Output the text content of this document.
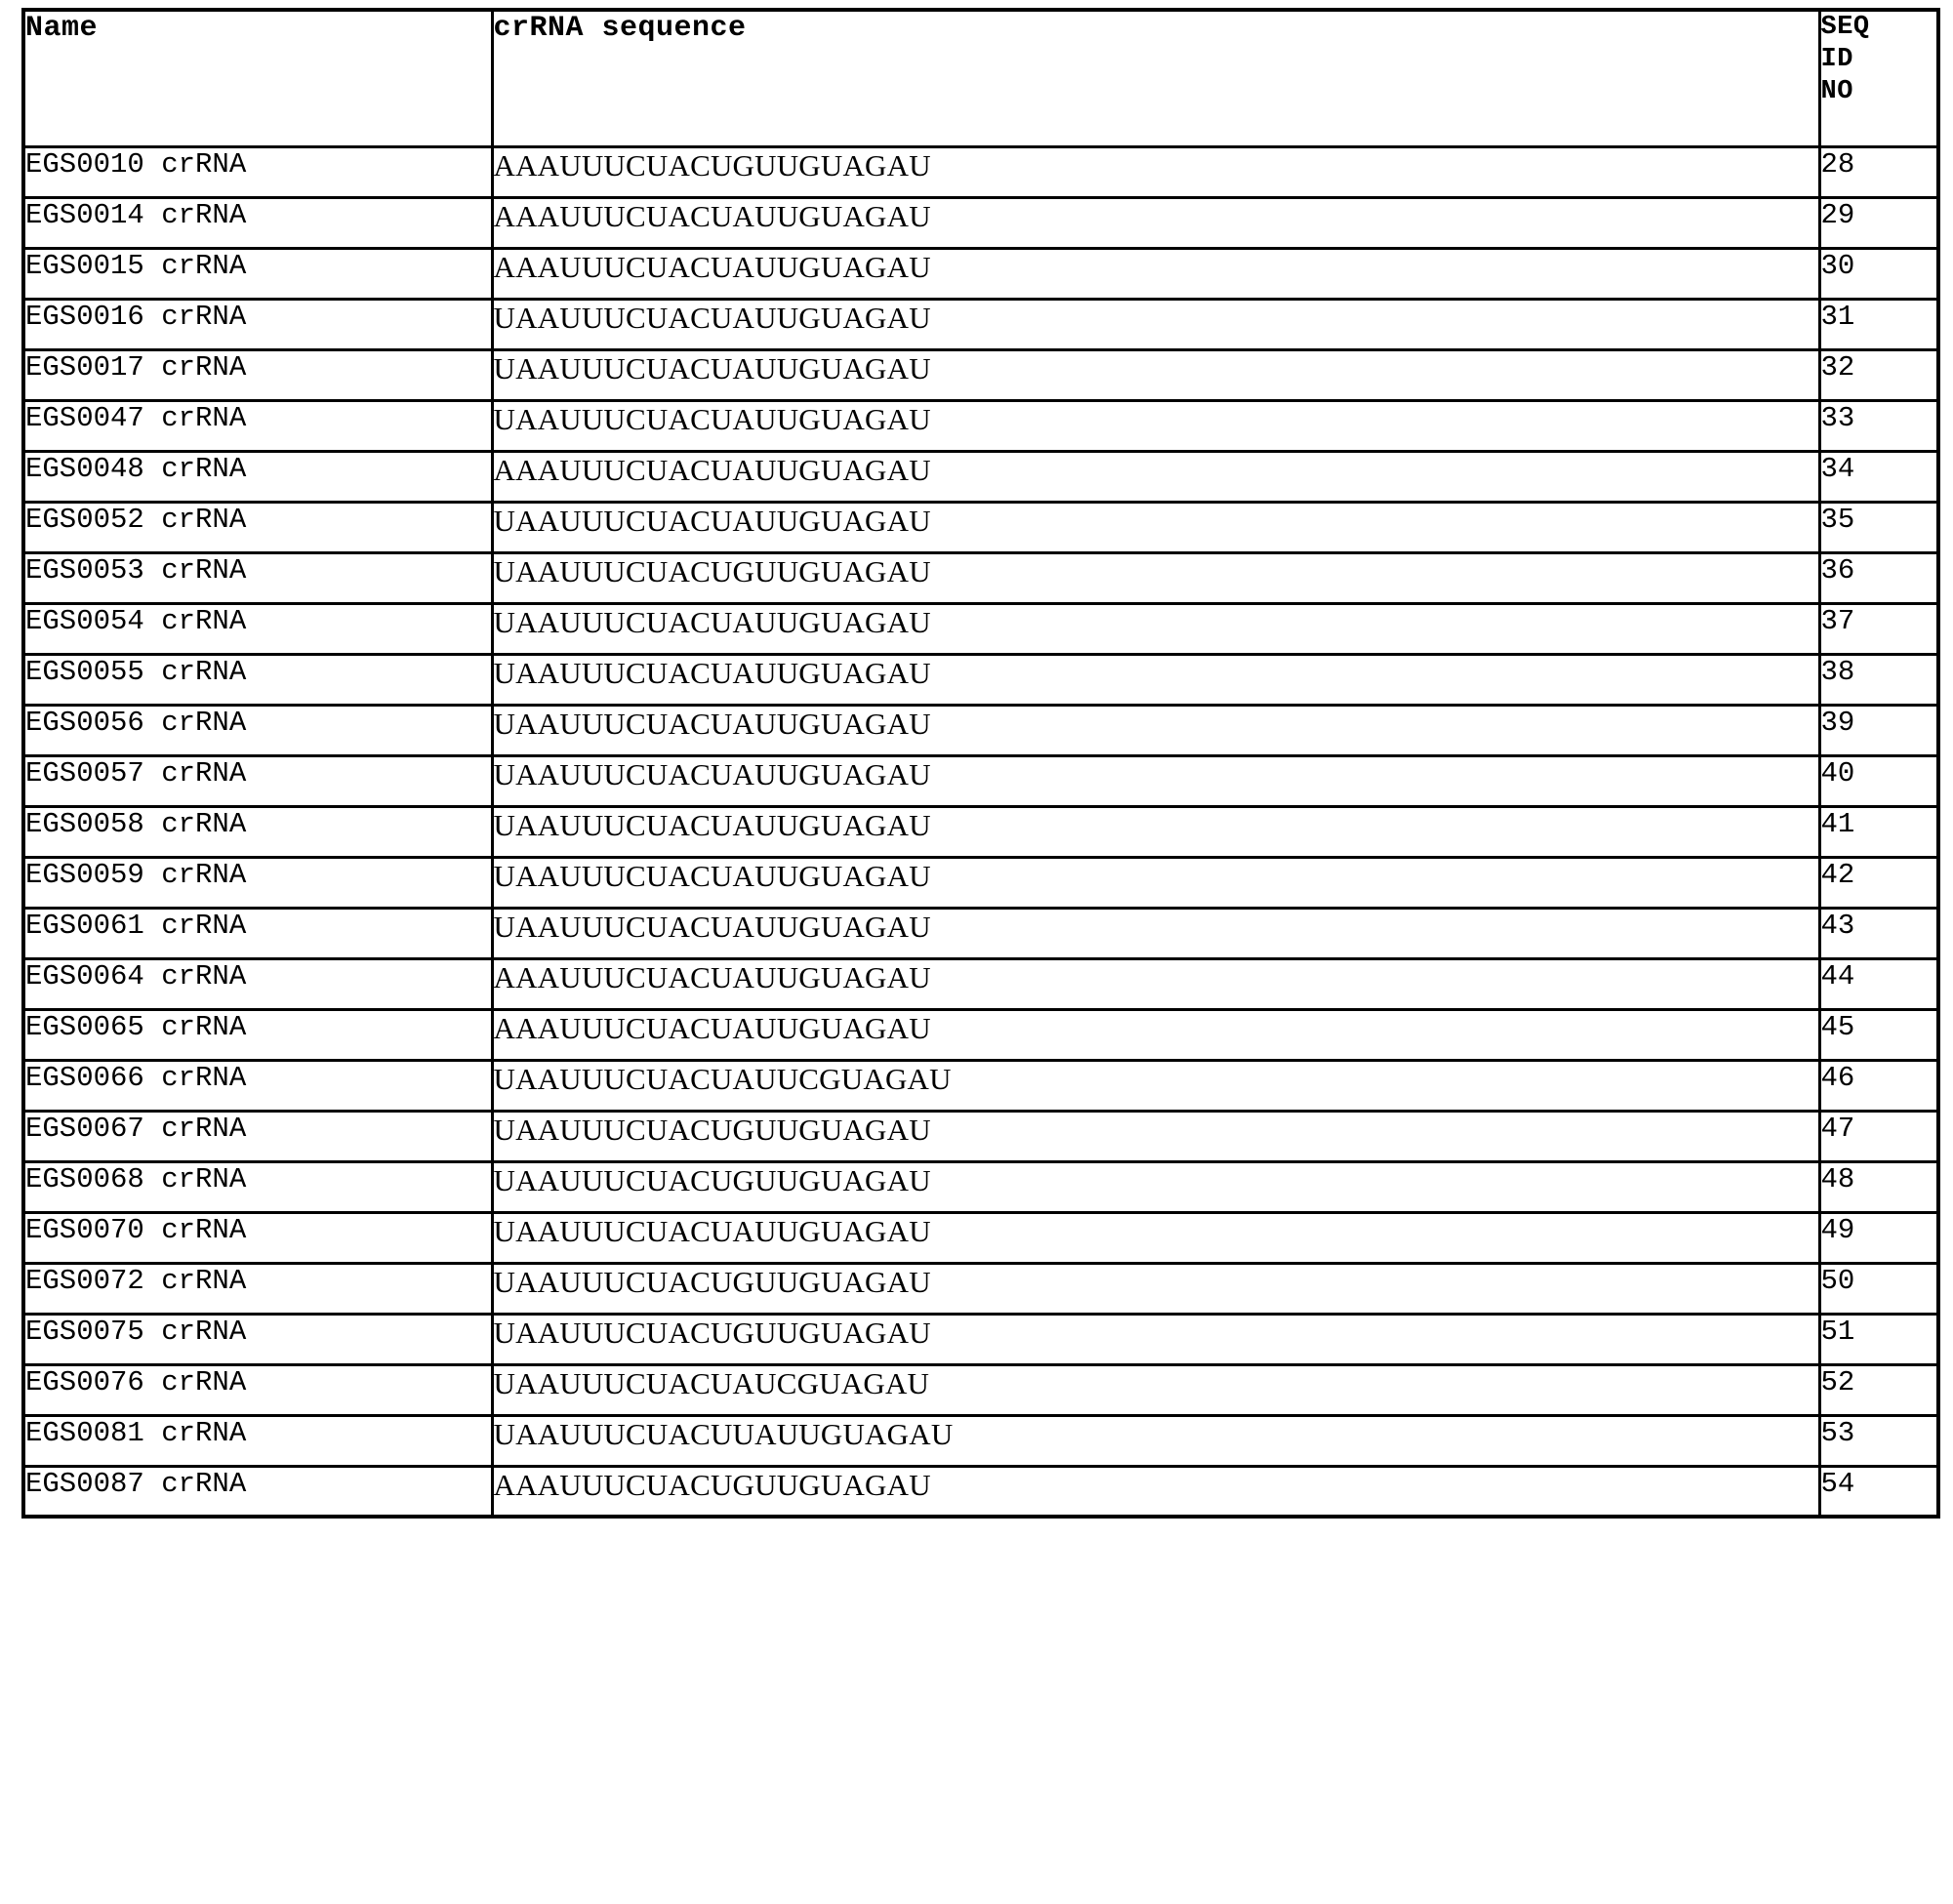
Name	crRNA sequence	SEQ
ID
NO

EGS0010 crRNA	AAAUUUCUACUGUUGUAGAU	28
EGS0014 crRNA	AAAUUUCUACUAUUGUAGAU	29
EGS0015 crRNA	AAAUUUCUACUAUUGUAGAU	30
EGS0016 crRNA	UAAUUUCUACUAUUGUAGAU	31
EGS0017 crRNA	UAAUUUCUACUAUUGUAGAU	32
EGS0047 crRNA	UAAUUUCUACUAUUGUAGAU	33
EGS0048 crRNA	AAAUUUCUACUAUUGUAGAU	34
EGS0052 crRNA	UAAUUUCUACUAUUGUAGAU	35
EGS0053 crRNA	UAAUUUCUACUGUUGUAGAU	36
EGS0054 crRNA	UAAUUUCUACUAUUGUAGAU	37
EGS0055 crRNA	UAAUUUCUACUAUUGUAGAU	38
EGS0056 crRNA	UAAUUUCUACUAUUGUAGAU	39
EGS0057 crRNA	UAAUUUCUACUAUUGUAGAU	40
EGS0058 crRNA	UAAUUUCUACUAUUGUAGAU	41
EGS0059 crRNA	UAAUUUCUACUAUUGUAGAU	42
EGS0061 crRNA	UAAUUUCUACUAUUGUAGAU	43
EGS0064 crRNA	AAAUUUCUACUAUUGUAGAU	44
EGS0065 crRNA	AAAUUUCUACUAUUGUAGAU	45
EGS0066 crRNA	UAAUUUCUACUAUUCGUAGAU	46
EGS0067 crRNA	UAAUUUCUACUGUUGUAGAU	47
EGS0068 crRNA	UAAUUUCUACUGUUGUAGAU	48
EGS0070 crRNA	UAAUUUCUACUAUUGUAGAU	49
EGS0072 crRNA	UAAUUUCUACUGUUGUAGAU	50
EGS0075 crRNA	UAAUUUCUACUGUUGUAGAU	51
EGS0076 crRNA	UAAUUUCUACUAUCGUAGAU	52
EGS0081 crRNA	UAAUUUCUACUUAUUGUAGAU	53
EGS0087 crRNA	AAAUUUCUACUGUUGUAGAU	54
